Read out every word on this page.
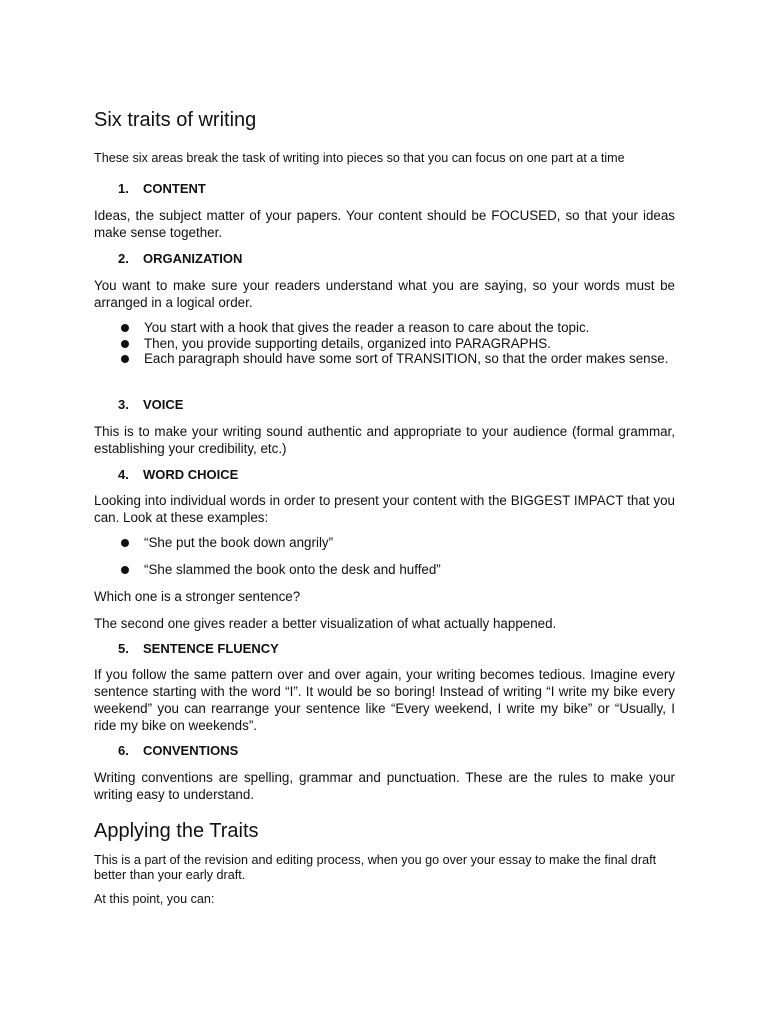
Six traits of writing

These six areas break the task of writing into pieces so that you can focus on one part at a time

1. CONTENT

Ideas, the subject matter of your papers. Your content should be FOCUSED, so that your ideas make sense together.

2. ORGANIZATION

You want to make sure your readers understand what you are saying, so your words must be arranged in a logical order.

You start with a hook that gives the reader a reason to care about the topic.
Then, you provide supporting details, organized into PARAGRAPHS.
Each paragraph should have some sort of TRANSITION, so that the order makes sense.
3. VOICE

This is to make your writing sound authentic and appropriate to your audience (formal grammar, establishing your credibility, etc.)

4. WORD CHOICE

Looking into individual words in order to present your content with the BIGGEST IMPACT that you can. Look at these examples:

“She put the book down angrily”
“She slammed the book onto the desk and huffed”

Which one is a stronger sentence?

The second one gives reader a better visualization of what actually happened.

5. SENTENCE FLUENCY

If you follow the same pattern over and over again, your writing becomes tedious. Imagine every sentence starting with the word “I”. It would be so boring! Instead of writing “I write my bike every weekend” you can rearrange your sentence like “Every weekend, I write my bike” or “Usually, I ride my bike on weekends”.

6. CONVENTIONS

Writing conventions are spelling, grammar and punctuation. These are the rules to make your writing easy to understand.

Applying the Traits

This is a part of the revision and editing process, when you go over your essay to make the final draft better than your early draft.

At this point, you can:
